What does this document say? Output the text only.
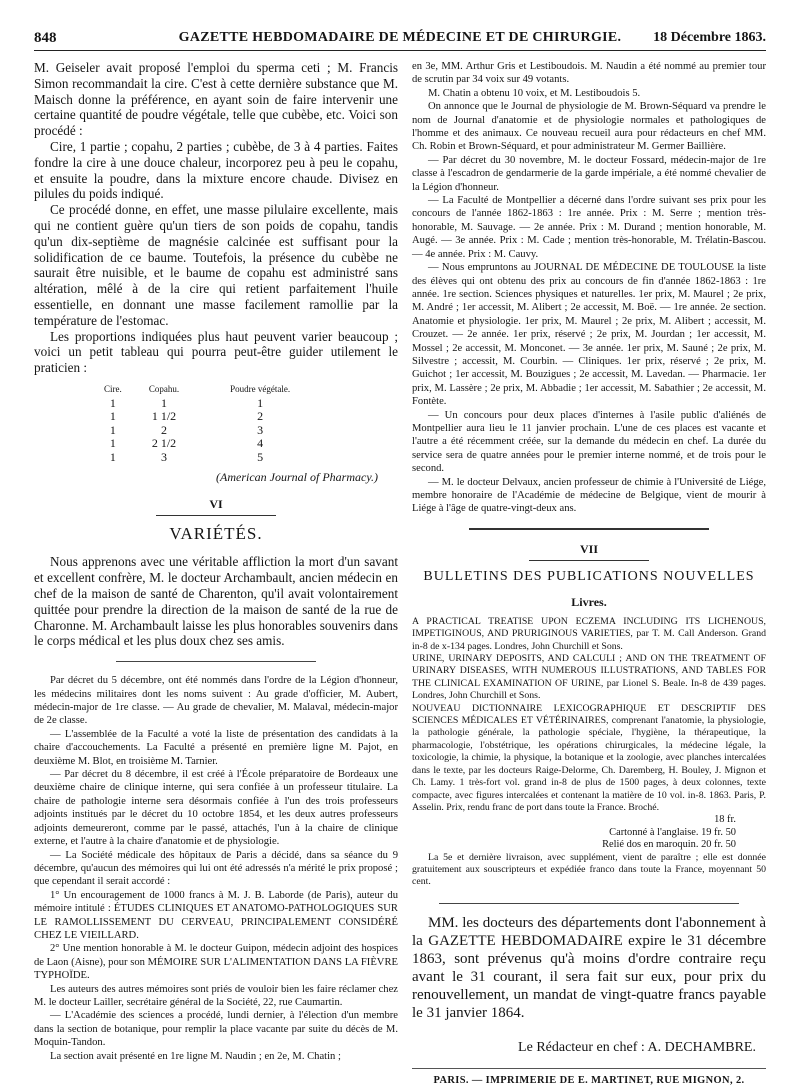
848	GAZETTE HEBDOMADAIRE DE MÉDECINE ET DE CHIRURGIE.	18 Décembre 1863.

M. Geiseler avait proposé l'emploi du sperma ceti ; M. Francis Simon recommandait la cire. C'est à cette dernière substance que M. Maisch donne la préférence, en ayant soin de faire intervenir une certaine quantité de poudre végétale, telle que cubèbe, etc. Voici son procédé :

Cire, 1 partie ; copahu, 2 parties ; cubèbe, de 3 à 4 parties. Faites fondre la cire à une douce chaleur, incorporez peu à peu le copahu, et ensuite la poudre, dans la mixture encore chaude. Divisez en pilules du poids indiqué.

Ce procédé donne, en effet, une masse pilulaire excellente, mais qui ne contient guère qu'un tiers de son poids de copahu, tandis qu'un dix-septième de magnésie calcinée est suffisant pour la solidification de ce baume. Toutefois, la présence du cubèbe ne saurait être nuisible, et le baume de copahu est administré sans altération, mêlé à de la cire qui retient parfaitement l'huile essentielle, en donnant une masse facilement ramollie par la température de l'estomac.

Les proportions indiquées plus haut peuvent varier beaucoup ; voici un petit tableau qui pourra peut-être guider utilement le praticien :

Cire.	Copahu.	Poudre végétale.
1	1	1
1	1 1/2	2
1	2	3
1	2 1/2	4
1	3	5
(American Journal of Pharmacy.)
VI
VARIÉTÉS.

Nous apprenons avec une véritable affliction la mort d'un savant et excellent confrère, M. le docteur Archambault, ancien médecin en chef de la maison de santé de Charenton, qu'il avait volontairement quittée pour prendre la direction de la maison de santé de la rue de Charonne. M. Archambault laisse les plus honorables souvenirs dans le corps médical et les plus doux chez ses amis.

Par décret du 5 décembre, ont été nommés dans l'ordre de la Légion d'honneur, les médecins militaires dont les noms suivent : Au grade d'officier, M. Aubert, médecin-major de 1re classe. — Au grade de chevalier, M. Malaval, médecin-major de 2e classe.

— L'assemblée de la Faculté a voté la liste de présentation des candidats à la chaire d'accouchements. La Faculté a présenté en première ligne M. Pajot, en deuxième M. Blot, en troisième M. Tarnier.

— Par décret du 8 décembre, il est créé à l'École préparatoire de Bordeaux une deuxième chaire de clinique interne, qui sera confiée à un professeur titulaire. La chaire de pathologie interne sera désormais confiée à l'un des trois professeurs adjoints institués par le décret du 10 octobre 1854, et les deux autres professeurs adjoints demeureront, comme par le passé, attachés, l'un à la chaire de clinique externe, et l'autre à la chaire d'anatomie et de physiologie.

— La Société médicale des hôpitaux de Paris a décidé, dans sa séance du 9 décembre, qu'aucun des mémoires qui lui ont été adressés n'a mérité le prix proposé ; que cependant il serait accordé :

1° Un encouragement de 1000 francs à M. J. B. Laborde (de Paris), auteur du mémoire intitulé : ÉTUDES CLINIQUES ET ANATOMO-PATHOLOGIQUES SUR LE RAMOLLISSEMENT DU CERVEAU, PRINCIPALEMENT CONSIDÉRÉ CHEZ LE VIEILLARD.

2° Une mention honorable à M. le docteur Guipon, médecin adjoint des hospices de Laon (Aisne), pour son MÉMOIRE SUR L'ALIMENTATION DANS LA FIÈVRE TYPHOÏDE.

Les auteurs des autres mémoires sont priés de vouloir bien les faire réclamer chez M. le docteur Lailler, secrétaire général de la Société, 22, rue Caumartin.

— L'Académie des sciences a procédé, lundi dernier, à l'élection d'un membre dans la section de botanique, pour remplir la place vacante par suite du décès de M. Moquin-Tandon.

La section avait présenté en 1re ligne M. Naudin ; en 2e, M. Chatin ;

en 3e, MM. Arthur Gris et Lestiboudois. M. Naudin a été nommé au premier tour de scrutin par 34 voix sur 49 votants.

M. Chatin a obtenu 10 voix, et M. Lestiboudois 5.

On annonce que le Journal de physiologie de M. Brown-Séquard va prendre le nom de Journal d'anatomie et de physiologie normales et pathologiques de l'homme et des animaux. Ce nouveau recueil aura pour rédacteurs en chef MM. Ch. Robin et Brown-Séquard, et pour administrateur M. Germer Baillière.

— Par décret du 30 novembre, M. le docteur Fossard, médecin-major de 1re classe à l'escadron de gendarmerie de la garde impériale, a été nommé chevalier de la Légion d'honneur.

— La Faculté de Montpellier a décerné dans l'ordre suivant ses prix pour les concours de l'année 1862-1863 : 1re année. Prix : M. Serre ; mention très-honorable, M. Sauvage. — 2e année. Prix : M. Durand ; mention honorable, M. Augé. — 3e année. Prix : M. Cade ; mention très-honorable, M. Trélatin-Bascou. — 4e année. Prix : M. Cauvy.

— Nous empruntons au JOURNAL DE MÉDECINE DE TOULOUSE la liste des élèves qui ont obtenu des prix au concours de fin d'année 1862-1863 : 1re année. 1re section. Sciences physiques et naturelles. 1er prix, M. Maurel ; 2e prix, M. André ; 1er accessit, M. Alibert ; 2e accessit, M. Boë. — 1re année. 2e section. Anatomie et physiologie. 1er prix, M. Maurel ; 2e prix, M. Alibert ; accessit, M. Crouzet. — 2e année. 1er prix, réservé ; 2e prix, M. Jourdan ; 1er accessit, M. Mossel ; 2e accessit, M. Monconet. — 3e année. 1er prix, M. Sauné ; 2e prix, M. Silvestre ; accessit, M. Courbin. — Cliniques. 1er prix, réservé ; 2e prix, M. Guichot ; 1er accessit, M. Bouzigues ; 2e accessit, M. Lavedan. — Pharmacie. 1er prix, M. Lassère ; 2e prix, M. Abbadie ; 1er accessit, M. Sabathier ; 2e accessit, M. Fontète.

— Un concours pour deux places d'internes à l'asile public d'aliénés de Montpellier aura lieu le 11 janvier prochain. L'une de ces places est vacante et l'autre a été récemment créée, sur la demande du médecin en chef. La durée du service sera de quatre années pour le premier interne nommé, et de trois pour le second.

— M. le docteur Delvaux, ancien professeur de chimie à l'Université de Liége, membre honoraire de l'Académie de médecine de Belgique, vient de mourir à Liége à l'âge de quatre-vingt-deux ans.

VII
BULLETINS DES PUBLICATIONS NOUVELLES
Livres.

A PRACTICAL TREATISE UPON ECZEMA INCLUDING ITS LICHENOUS, IMPETIGINOUS, AND PRURIGINOUS VARIETIES, par T. M. Call Anderson. Grand in-8 de x-134 pages. Londres, John Churchill et Sons.

URINE, URINARY DEPOSITS, AND CALCULI ; AND ON THE TREATMENT OF URINARY DISEASES, WITH NUMEROUS ILLUSTRATIONS, AND TABLES FOR THE CLINICAL EXAMINATION OF URINE, par Lionel S. Beale. In-8 de 439 pages. Londres, John Churchill et Sons.

NOUVEAU DICTIONNAIRE LEXICOGRAPHIQUE ET DESCRIPTIF DES SCIENCES MÉDICALES ET VÉTÉRINAIRES, comprenant l'anatomie, la physiologie, la pathologie générale, la pathologie spéciale, l'hygiène, la thérapeutique, la pharmacologie, l'obstétrique, les opérations chirurgicales, la médecine légale, la toxicologie, la chimie, la physique, la botanique et la zoologie, avec planches intercalées dans le texte, par les docteurs Raige-Delorme, Ch. Daremberg, H. Bouley, J. Mignon et Ch. Lamy. 1 très-fort vol. grand in-8 de plus de 1500 pages, à deux colonnes, texte compacte, avec figures intercalées et contenant la matière de 10 vol. in-8. 1863. Paris, P. Asselin. Prix, rendu franc de port dans toute la France. Broché.

18 fr.
Cartonné à l'anglaise. 19 fr. 50
Relié dos en maroquin. 20 fr. 50

La 5e et dernière livraison, avec supplément, vient de paraître ; elle est donnée gratuitement aux souscripteurs et expédiée franco dans toute la France, moyennant 50 cent.

MM. les docteurs des départements dont l'abonnement à la GAZETTE HEBDOMADAIRE expire le 31 décembre 1863, sont prévenus qu'à moins d'ordre contraire reçu avant le 31 courant, il sera fait sur eux, pour prix du renouvellement, un mandat de vingt-quatre francs payable le 31 janvier 1864.

Le Rédacteur en chef : A. DECHAMBRE.
PARIS. — IMPRIMERIE DE E. MARTINET, RUE MIGNON, 2.
